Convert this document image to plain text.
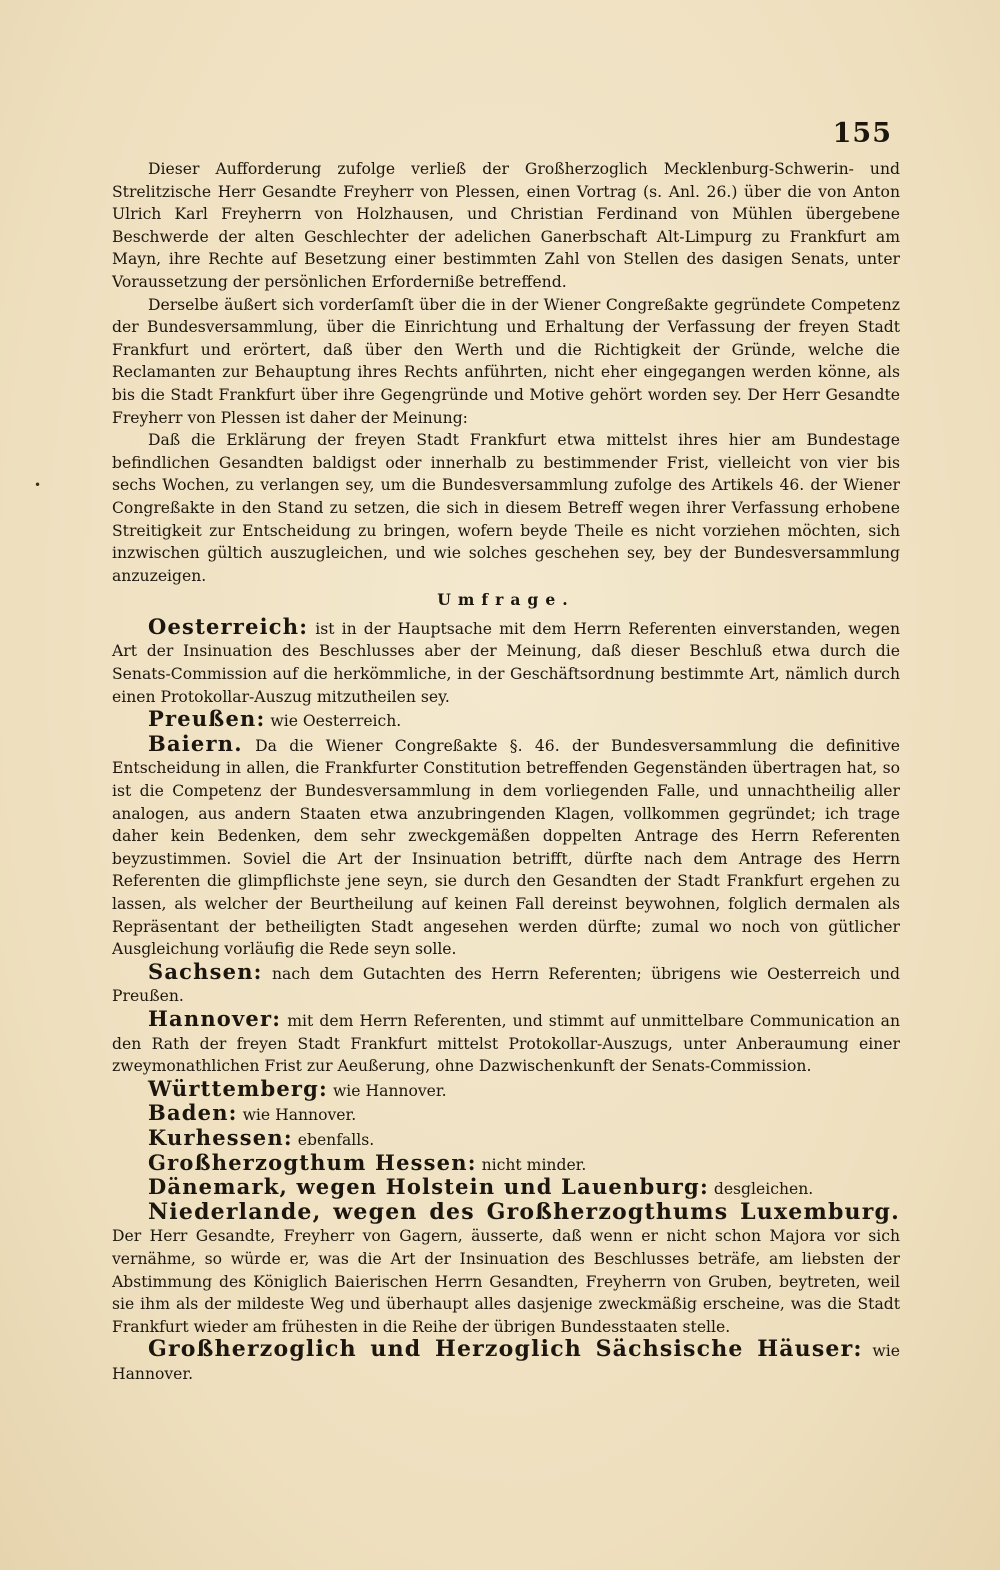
155
•

Dieser Aufforderung zufolge verließ der Großherzoglich Mecklenburg-Schwerin- und Strelitzische Herr Gesandte Freyherr von Plessen, einen Vortrag (s. Anl. 26.) über die von Anton Ulrich Karl Freyherrn von Holzhausen, und Christian Ferdinand von Mühlen übergebene Beschwerde der alten Geschlechter der adelichen Ganerbschaft Alt-Limpurg zu Frankfurt am Mayn, ihre Rechte auf Besetzung einer bestimmten Zahl von Stellen des dasigen Senats, unter Voraussetzung der persönlichen Erforderniße betreffend.

Derselbe äußert sich vorderſamſt über die in der Wiener Congreßakte gegründete Competenz der Bundesversammlung, über die Einrichtung und Erhaltung der Verfassung der freyen Stadt Frankfurt und erörtert, daß über den Werth und die Richtigkeit der Gründe, welche die Reclamanten zur Behauptung ihres Rechts anführten, nicht eher eingegangen werden könne, als bis die Stadt Frankfurt über ihre Gegengründe und Motive gehört worden sey. Der Herr Gesandte Freyherr von Plessen ist daher der Meinung:

Daß die Erklärung der freyen Stadt Frankfurt etwa mittelst ihres hier am Bundestage befindlichen Gesandten baldigst oder innerhalb zu bestimmender Frist, vielleicht von vier bis sechs Wochen, zu verlangen sey, um die Bundesversammlung zufolge des Artikels 46. der Wiener Congreßakte in den Stand zu setzen, die sich in diesem Betreff wegen ihrer Verfassung erhobene Streitigkeit zur Entscheidung zu bringen, wofern beyde Theile es nicht vorziehen möchten, sich inzwischen gültich auszugleichen, und wie solches geschehen sey, bey der Bundesversammlung anzuzeigen.

Umfrage.

Oesterreich: ist in der Hauptsache mit dem Herrn Referenten einverstanden, wegen Art der Insinuation des Beschlusses aber der Meinung, daß dieser Beschluß etwa durch die Senats-Commission auf die herkömmliche, in der Geschäftsordnung bestimmte Art, nämlich durch einen Protokollar-Auszug mitzutheilen sey.

Preußen: wie Oesterreich.

Baiern. Da die Wiener Congreßakte §. 46. der Bundesversammlung die definitive Entscheidung in allen, die Frankfurter Constitution betreffenden Gegenständen übertragen hat, so ist die Competenz der Bundesversammlung in dem vorliegenden Falle, und unnachtheilig aller analogen, aus andern Staaten etwa anzubringenden Klagen, vollkommen gegründet; ich trage daher kein Bedenken, dem sehr zweckgemäßen doppelten Antrage des Herrn Referenten beyzustimmen. Soviel die Art der Insinuation betrifft, dürfte nach dem Antrage des Herrn Referenten die glimpflichste jene seyn, sie durch den Gesandten der Stadt Frankfurt ergehen zu lassen, als welcher der Beurtheilung auf keinen Fall dereinst beywohnen, folglich dermalen als Repräsentant der betheiligten Stadt angesehen werden dürfte; zumal wo noch von gütlicher Ausgleichung vorläufig die Rede seyn solle.

Sachsen: nach dem Gutachten des Herrn Referenten; übrigens wie Oesterreich und Preußen.

Hannover: mit dem Herrn Referenten, und stimmt auf unmittelbare Communication an den Rath der freyen Stadt Frankfurt mittelst Protokollar-Auszugs, unter Anberaumung einer zweymonathlichen Frist zur Aeußerung, ohne Dazwischenkunft der Senats-Commission.

Württemberg: wie Hannover.

Baden: wie Hannover.

Kurhessen: ebenfalls.

Großherzogthum Hessen: nicht minder.

Dänemark, wegen Holstein und Lauenburg: desgleichen.

Niederlande, wegen des Großherzogthums Luxemburg. Der Herr Gesandte, Freyherr von Gagern, äusserte, daß wenn er nicht schon Majora vor sich vernähme, so würde er, was die Art der Insinuation des Beschlusses beträfe, am liebsten der Abstimmung des Königlich Baierischen Herrn Gesandten, Freyherrn von Gruben, beytreten, weil sie ihm als der mildeste Weg und überhaupt alles dasjenige zweckmäßig erscheine, was die Stadt Frankfurt wieder am frühesten in die Reihe der übrigen Bundesstaaten stelle.

Großherzoglich und Herzoglich Sächsische Häuser: wie Hannover.
